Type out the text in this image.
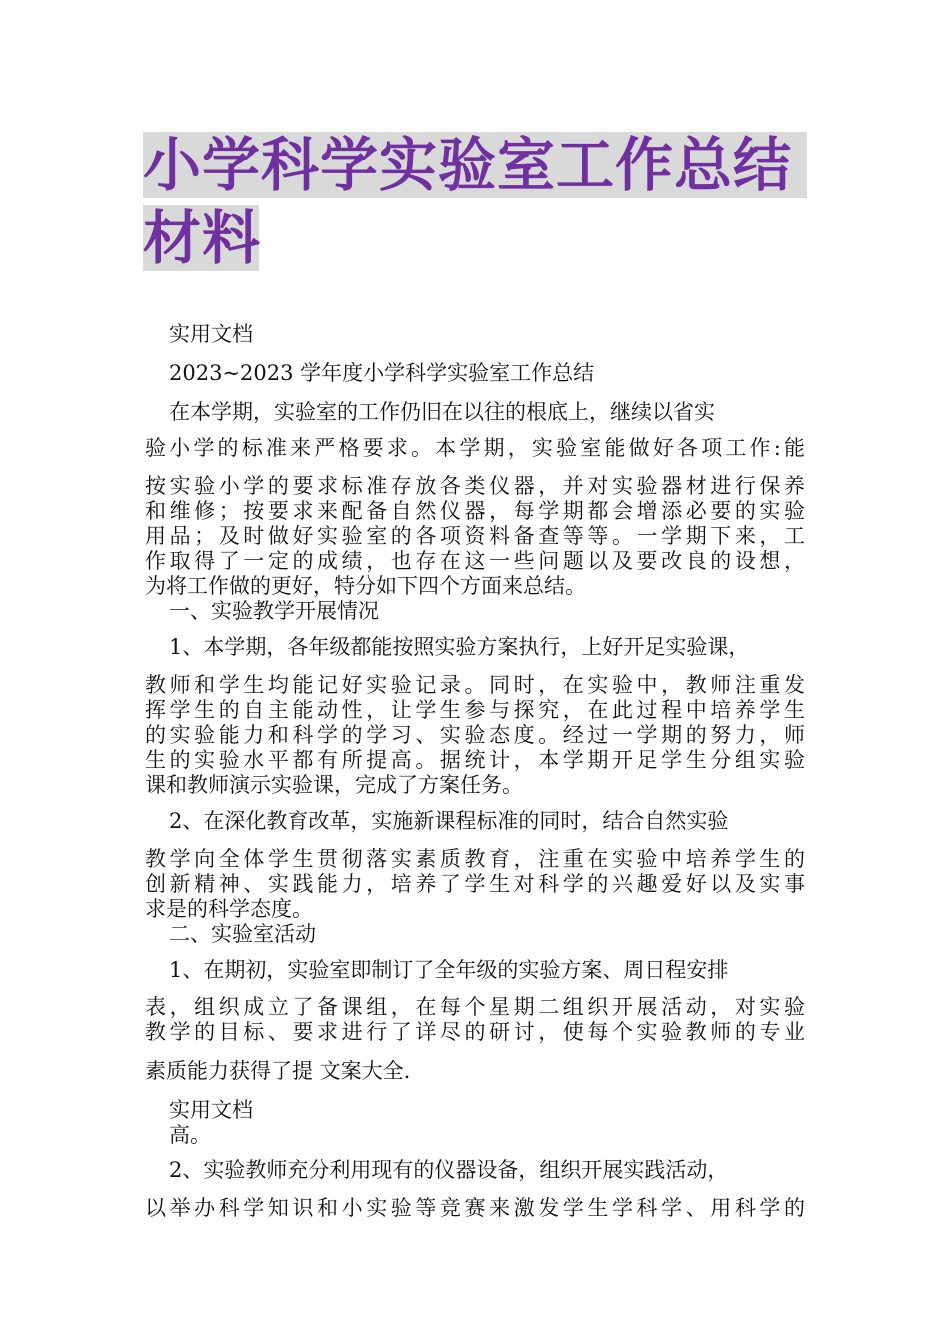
小学科学实验室工作总结
材料
实用文档
2023~2023 学年度小学科学实验室工作总结
在本学期，实验室的工作仍旧在以往的根底上，继续以省实
验小学的标准来严格要求。本学期，实验室能做好各项工作:能
按实验小学的要求标准存放各类仪器，并对实验器材进行保养
和维修；按要求来配备自然仪器，每学期都会增添必要的实验
用品；及时做好实验室的各项资料备查等等。一学期下来，工
作取得了一定的成绩，也存在这一些问题以及要改良的设想，
为将工作做的更好，特分如下四个方面来总结。
一、实验教学开展情况
1、本学期，各年级都能按照实验方案执行，上好开足实验课，
教师和学生均能记好实验记录。同时，在实验中，教师注重发
挥学生的自主能动性，让学生参与探究，在此过程中培养学生
的实验能力和科学的学习、实验态度。经过一学期的努力，师
生的实验水平都有所提高。据统计，本学期开足学生分组实验
课和教师演示实验课，完成了方案任务。
2、在深化教育改革，实施新课程标准的同时，结合自然实验
教学向全体学生贯彻落实素质教育，注重在实验中培养学生的
创新精神、实践能力，培养了学生对科学的兴趣爱好以及实事
求是的科学态度。
二、实验室活动
1、在期初，实验室即制订了全年级的实验方案、周日程安排
表，组织成立了备课组，在每个星期二组织开展活动，对实验
教学的目标、要求进行了详尽的研讨，使每个实验教师的专业
素质能力获得了提 文案大全.
实用文档
高。
2、实验教师充分利用现有的仪器设备，组织开展实践活动，
以举办科学知识和小实验等竞赛来激发学生学科学、用科学的
